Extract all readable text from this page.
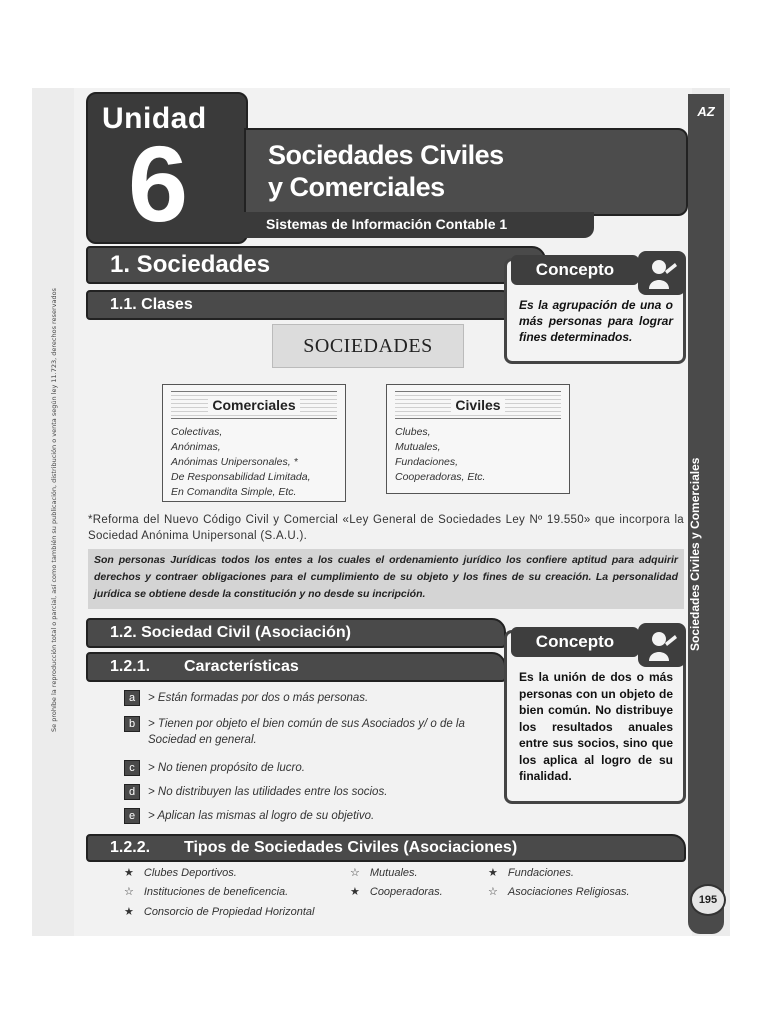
Se prohíbe la reproducción total o parcial, así como también su publicación, distribución o venta según ley 11.723, derechos reservados
AZ
Sociedades Civiles y Comerciales
195
Unidad
6	Sociedades Civiles
y Comerciales
Sistemas de Información Contable 1
1. Sociedades
1.1. Clases
Concepto
Es la agrupación de una o más personas para lograr fines determinados.
SOCIEDADES
Comerciales
Colectivas,
Anónimas,
Anónimas Unipersonales, *
De Responsabilidad Limitada,
En Comandita Simple, Etc.
Civiles
Clubes,
Mutuales,
Fundaciones,
Cooperadoras, Etc.
*Reforma del Nuevo Código Civil y Comercial «Ley General de Sociedades Ley Nº 19.550» que incorpora la Sociedad Anónima Unipersonal (S.A.U.).
Son personas Jurídicas todos los entes a los cuales el ordenamiento jurídico los confiere aptitud para adquirir derechos y contraer obligaciones para el cumplimiento de su objeto y los fines de su creación. La personalidad jurídica se obtiene desde la constitución y no desde su incripción.
1.2. Sociedad Civil (Asociación)
1.2.1. Características
Concepto
Es la unión de dos o más personas con un objeto de bien común. No distribuye los resultados anuales entre sus socios, sino que los aplica al logro de su finalidad.
a	> Están formadas por dos o más personas.
b	> Tienen por objeto el bien común de sus Asociados y/ o de la Sociedad en general.
c	> No tienen propósito de lucro.
d	> No distribuyen las utilidades entre los socios.
e	> Aplican las mismas al logro de su objetivo.
1.2.2. Tipos de Sociedades Civiles (Asociaciones)
★ Clubes Deportivos.	☆ Mutuales.	★ Fundaciones.
☆ Instituciones de beneficencia.	★ Cooperadoras.	☆ Asociaciones Religiosas.
★ Consorcio de Propiedad Horizontal
